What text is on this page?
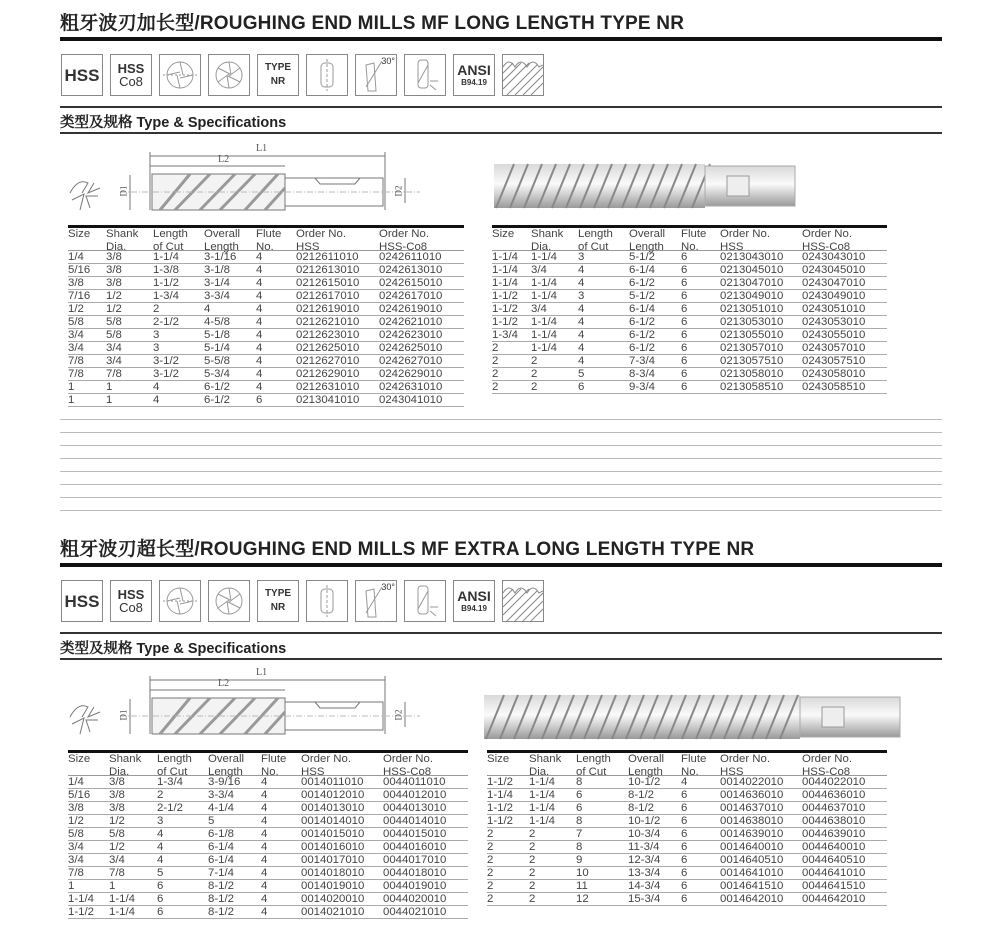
粗牙波刃加长型/ROUGHING END MILLS MF LONG LENGTH TYPE NR
HSS HSS
Co8
TYPE
NR
30°
ANSI
B94.19
类型及规格 Type & Specifications
L1
L2
D1	D2
Size	Shank
Dia.
Length
of Cut
Overall
Length
Flute
No.
Order No.
HSS
Order No.
HSS-Co8
1/4	3/8	1-1/4	3-1/16	4	0212611010	0242611010
5/16	3/8	1-3/8	3-1/8	4	0212613010	0242613010
3/8	3/8	1-1/2	3-1/4	4	0212615010	0242615010
7/16	1/2	1-3/4	3-3/4	4	0212617010	0242617010
1/2	1/2	2	4	4	0212619010	0242619010
5/8	5/8	2-1/2	4-5/8	4	0212621010	0242621010
3/4	5/8	3	5-1/8	4	0212623010	0242623010
3/4	3/4	3	5-1/4	4	0212625010	0242625010
7/8	3/4	3-1/2	5-5/8	4	0212627010	0242627010
7/8	7/8	3-1/2	5-3/4	4	0212629010	0242629010
1	1	4	6-1/2	4	0212631010	0242631010
1	1	4	6-1/2	6	0213041010	0243041010
Size	Shank
Dia.
Length
of Cut
Overall
Length
Flute
No.
Order No.
HSS
Order No.
HSS-Co8
1-1/4	1-1/4	3	5-1/2	6	0213043010	0243043010
1-1/4	3/4	4	6-1/4	6	0213045010	0243045010
1-1/4	1-1/4	4	6-1/2	6	0213047010	0243047010
1-1/2	1-1/4	3	5-1/2	6	0213049010	0243049010
1-1/2	3/4	4	6-1/4	6	0213051010	0243051010
1-1/2	1-1/4	4	6-1/2	6	0213053010	0243053010
1-3/4	1-1/4	4	6-1/2	6	0213055010	0243055010
2	1-1/4	4	6-1/2	6	0213057010	0243057010
2	2	4	7-3/4	6	0213057510	0243057510
2	2	5	8-3/4	6	0213058010	0243058010
2	2	6	9-3/4	6	0213058510	0243058510
粗牙波刃超长型/ROUGHING END MILLS MF EXTRA LONG LENGTH TYPE NR
HSS HSS
Co8
TYPE
NR
30°
ANSI
B94.19
类型及规格 Type & Specifications
L1
L2
D1	D2
Size	Shank
Dia.
Length
of Cut
Overall
Length
Flute
No.
Order No.
HSS
Order No.
HSS-Co8
1/4	3/8	1-3/4	3-9/16	4	0014011010	0044011010
5/16	3/8	2	3-3/4	4	0014012010	0044012010
3/8	3/8	2-1/2	4-1/4	4	0014013010	0044013010
1/2	1/2	3	5	4	0014014010	0044014010
5/8	5/8	4	6-1/8	4	0014015010	0044015010
3/4	1/2	4	6-1/4	4	0014016010	0044016010
3/4	3/4	4	6-1/4	4	0014017010	0044017010
7/8	7/8	5	7-1/4	4	0014018010	0044018010
1	1	6	8-1/2	4	0014019010	0044019010
1-1/4	1-1/4	6	8-1/2	4	0014020010	0044020010
1-1/2	1-1/4	6	8-1/2	4	0014021010	0044021010
Size	Shank
Dia.
Length
of Cut
Overall
Length
Flute
No.
Order No.
HSS
Order No.
HSS-Co8
1-1/2	1-1/4	8	10-1/2	4	0014022010	0044022010
1-1/4	1-1/4	6	8-1/2	6	0014636010	0044636010
1-1/2	1-1/4	6	8-1/2	6	0014637010	0044637010
1-1/2	1-1/4	8	10-1/2	6	0014638010	0044638010
2	2	7	10-3/4	6	0014639010	0044639010
2	2	8	11-3/4	6	0014640010	0044640010
2	2	9	12-3/4	6	0014640510	0044640510
2	2	10	13-3/4	6	0014641010	0044641010
2	2	11	14-3/4	6	0014641510	0044641510
2	2	12	15-3/4	6	0014642010	0044642010
